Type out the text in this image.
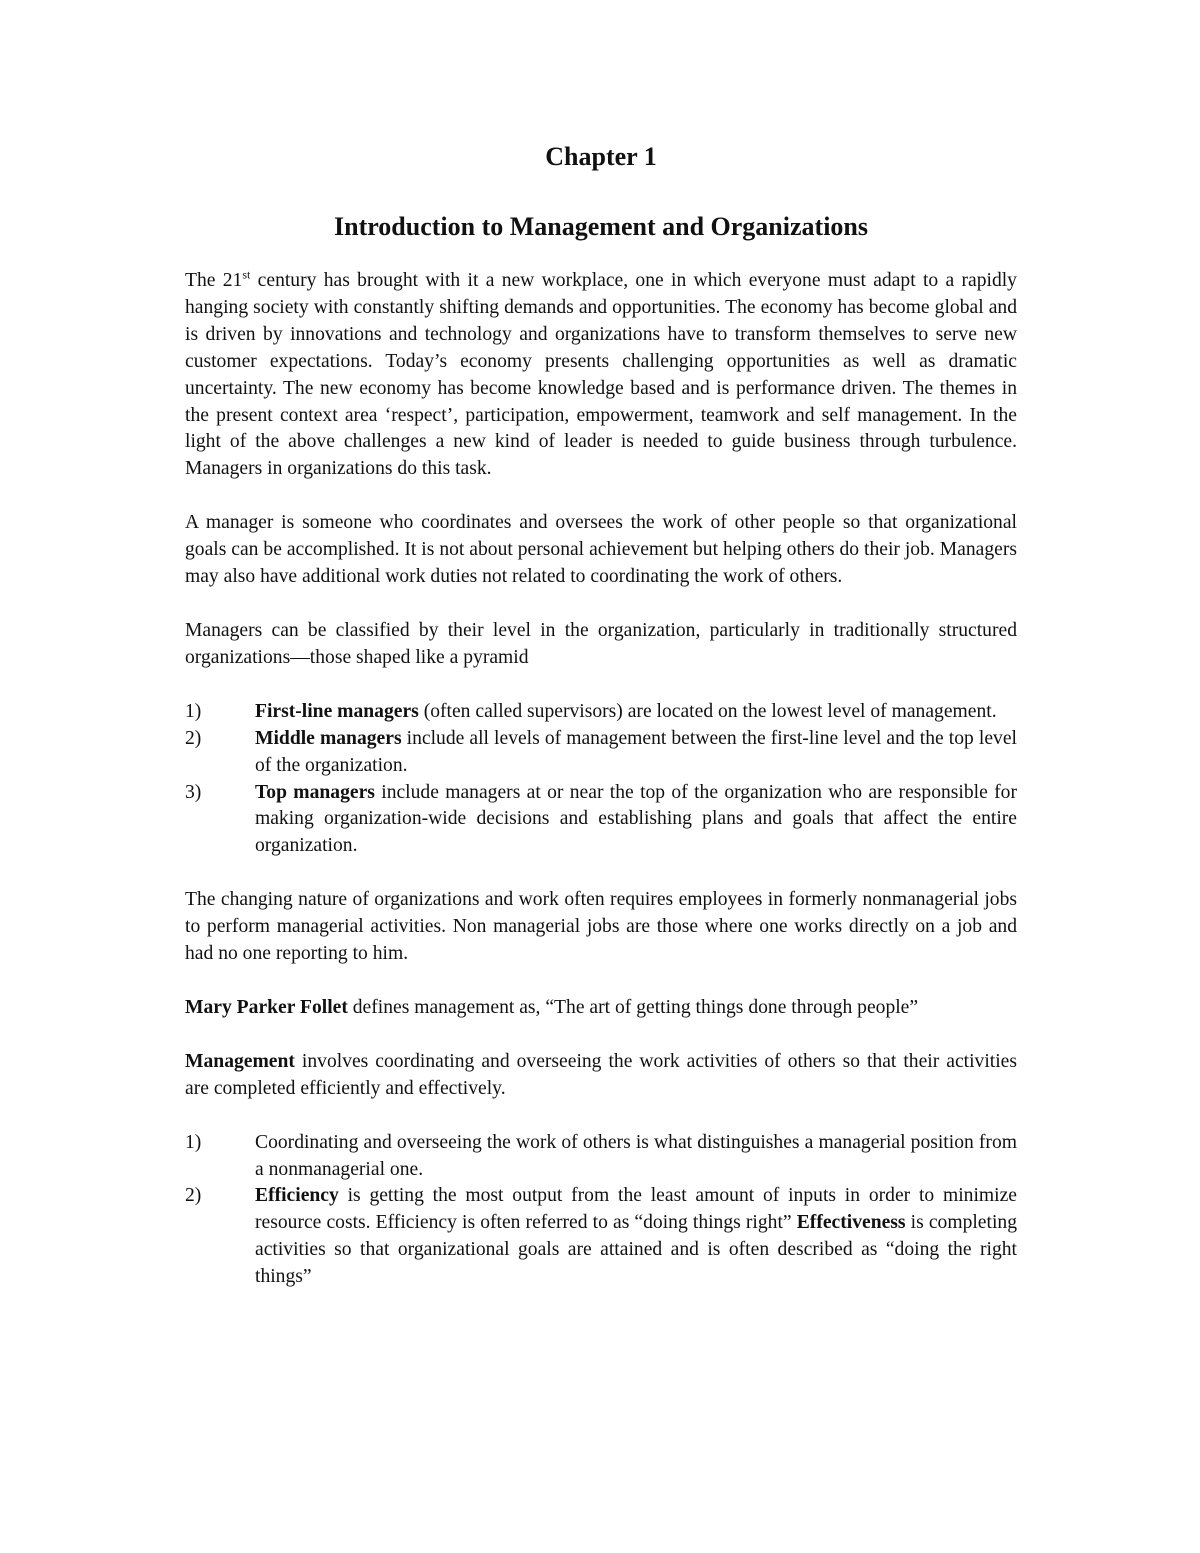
Chapter 1
Introduction to Management and Organizations

The 21st century has brought with it a new workplace, one in which everyone must adapt to a rapidly hanging society with constantly shifting demands and opportunities. The economy has become global and is driven by innovations and technology and organizations have to transform themselves to serve new customer expectations. Today’s economy presents challenging opportunities as well as dramatic uncertainty. The new economy has become knowledge based and is performance driven. The themes in the present context area ‘respect’, participation, empowerment, teamwork and self management. In the light of the above challenges a new kind of leader is needed to guide business through turbulence. Managers in organizations do this task.

A manager is someone who coordinates and oversees the work of other people so that organizational goals can be accomplished. It is not about personal achievement but helping others do their job. Managers may also have additional work duties not related to coordinating the work of others.

Managers can be classified by their level in the organization, particularly in traditionally structured organizations—those shaped like a pyramid

1)	First-line managers (often called supervisors) are located on the lowest level of management.
2)	Middle managers include all levels of management between the first-line level and the top level of the organization.
3)	Top managers include managers at or near the top of the organization who are responsible for making organization-wide decisions and establishing plans and goals that affect the entire organization.

The changing nature of organizations and work often requires employees in formerly nonmanagerial jobs to perform managerial activities. Non managerial jobs are those where one works directly on a job and had no one reporting to him.

Mary Parker Follet defines management as, “The art of getting things done through people”

Management involves coordinating and overseeing the work activities of others so that their activities are completed efficiently and effectively.

1)	Coordinating and overseeing the work of others is what distinguishes a managerial position from a nonmanagerial one.
2)	Efficiency is getting the most output from the least amount of inputs in order to minimize resource costs. Efficiency is often referred to as “doing things right” Effectiveness is completing activities so that organizational goals are attained and is often described as “doing the right things”
